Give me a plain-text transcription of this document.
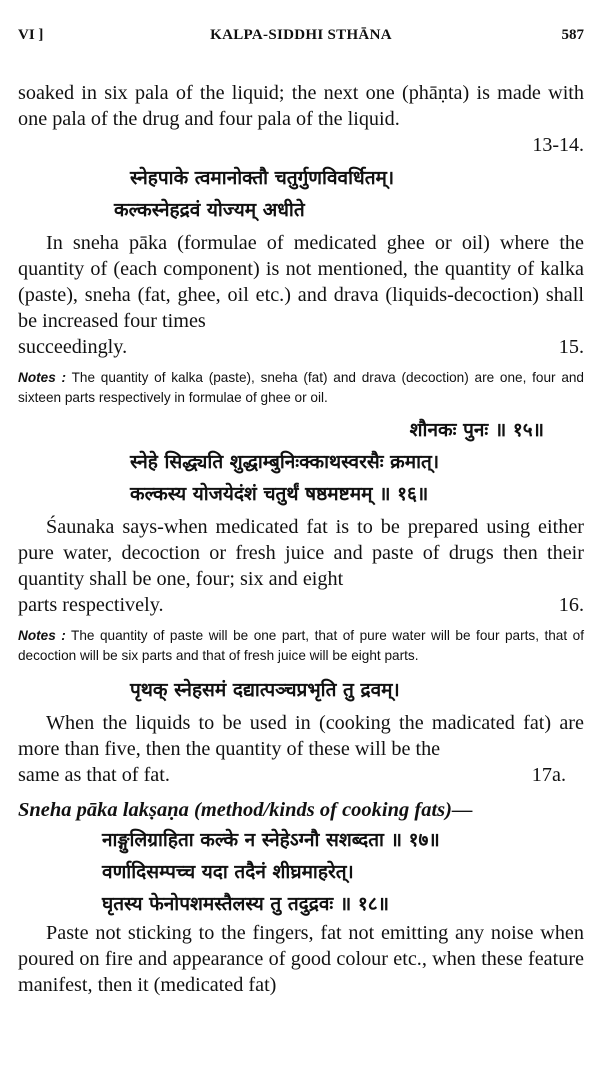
VI ]	KALPA-SIDDHI STHĀNA	587

soaked in six pala of the liquid; the next one (phāṇta) is made with one pala of the drug and four pala of the liquid.

13-14.

स्नेहपाके त्वमानोक्तौ चतुर्गुणविवर्धितम्।

कल्कस्नेहद्रवं योज्यम् अधीते

In sneha pāka (formulae of medicated ghee or oil) where the quantity of (each component) is not mentioned, the quantity of kalka (paste), sneha (fat, ghee, oil etc.) and drava (liquids-decoction) shall be increased four times

succeedingly.	15.

Notes : The quantity of kalka (paste), sneha (fat) and drava (decoction) are one, four and sixteen parts respectively in formulae of ghee or oil.

शौनकः पुनः ॥ १५॥

स्नेहे सिद्ध्यति शुद्धाम्बुनिःक्काथस्वरसैः क्रमात्।

कल्कस्य योजयेदंशं चतुर्थं षष्ठमष्टमम् ॥ १६॥

Śaunaka says-when medicated fat is to be prepared using either pure water, decoction or fresh juice and paste of drugs then their quantity shall be one, four; six and eight

parts respectively.	16.

Notes : The quantity of paste will be one part, that of pure water will be four parts, that of decoction will be six parts and that of fresh juice will be eight parts.

पृथक् स्नेहसमं दद्यात्पञ्चप्रभृति तु द्रवम्।

When the liquids to be used in (cooking the madicated fat) are more than five, then the quantity of these will be the

same as that of fat.	17a.

Sneha pāka lakṣaṇa (method/kinds of cooking fats)—

नाङ्गुलिग्राहिता कल्के न स्नेहेऽग्नौ सशब्दता ॥ १७॥

वर्णादिसम्पच्च यदा तदैनं शीघ्रमाहरेत्।

घृतस्य फेनोपशमस्तैलस्य तु तदुद्रवः ॥ १८॥

Paste not sticking to the fingers, fat not emitting any noise when poured on fire and appearance of good colour etc., when these feature manifest, then it (medicated fat)
